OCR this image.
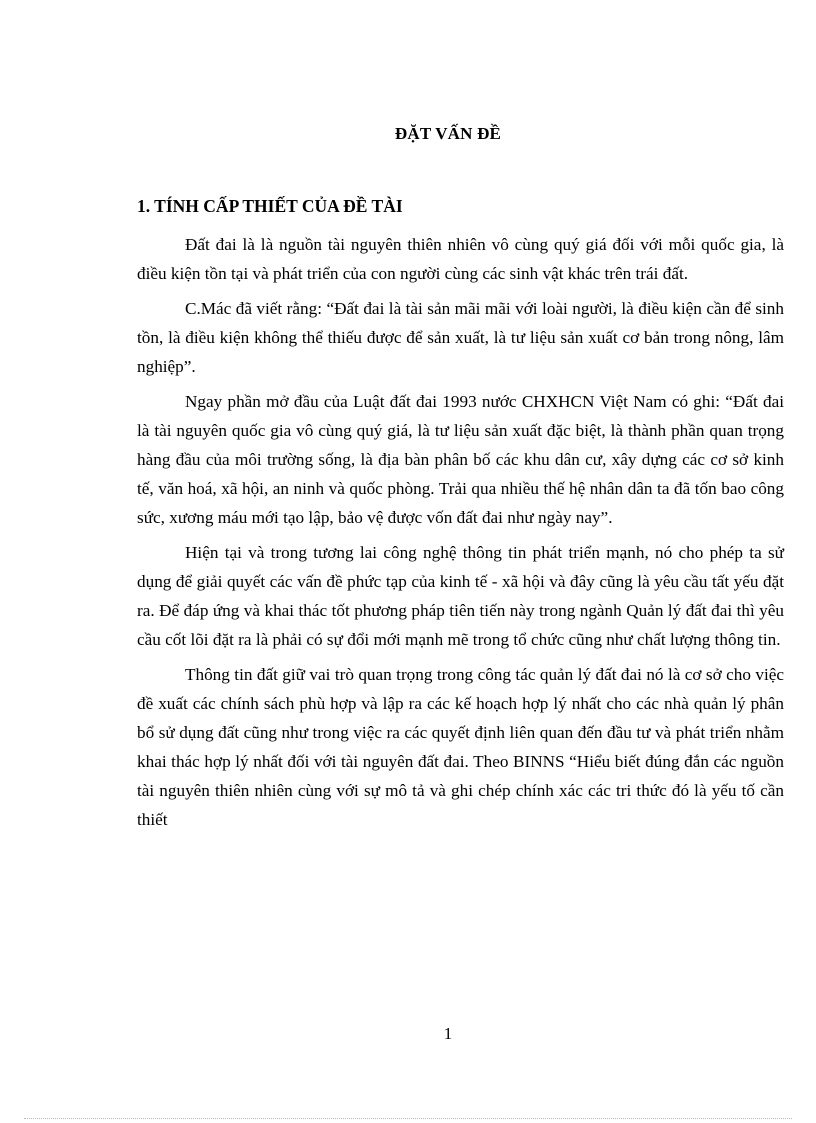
ĐẶT VẤN ĐỀ
1. TÍNH CẤP THIẾT CỦA ĐỀ TÀI

Đất đai là là nguồn tài nguyên thiên nhiên vô cùng quý giá đối với mỗi quốc gia, là điều kiện tồn tại và phát triển của con người cùng các sinh vật khác trên trái đất.

C.Mác đã viết rằng: “Đất đai là tài sản mãi mãi với loài người, là điều kiện cần để sinh tồn, là điều kiện không thể thiếu được để sản xuất, là tư liệu sản xuất cơ bản trong nông, lâm nghiệp”.

Ngay phần mở đầu của Luật đất đai 1993 nước CHXHCN Việt Nam có ghi: “Đất đai là tài nguyên quốc gia vô cùng quý giá, là tư liệu sản xuất đặc biệt, là thành phần quan trọng hàng đầu của môi trường sống, là địa bàn phân bố các khu dân cư, xây dựng các cơ sở kinh tế, văn hoá, xã hội, an ninh và quốc phòng. Trải qua nhiều thế hệ nhân dân ta đã tốn bao công sức, xương máu mới tạo lập, bảo vệ được vốn đất đai như ngày nay”.

Hiện tại và trong tương lai công nghệ thông tin phát triển mạnh, nó cho phép ta sử dụng để giải quyết các vấn đề phức tạp của kinh tế - xã hội và đây cũng là yêu cầu tất yếu đặt ra. Để đáp ứng và khai thác tốt phương pháp tiên tiến này trong ngành Quản lý đất đai thì yêu cầu cốt lõi đặt ra là phải có sự đổi mới mạnh mẽ trong tổ chức cũng như chất lượng thông tin.

Thông tin đất giữ vai trò quan trọng trong công tác quản lý đất đai nó là cơ sở cho việc đề xuất các chính sách phù hợp và lập ra các kế hoạch hợp lý nhất cho các nhà quản lý phân bổ sử dụng đất cũng như trong việc ra các quyết định liên quan đến đầu tư và phát triển nhằm khai thác hợp lý nhất đối với tài nguyên đất đai. Theo BINNS “Hiểu biết đúng đắn các nguồn tài nguyên thiên nhiên cùng với sự mô tả và ghi chép chính xác các tri thức đó là yếu tố cần thiết

1
